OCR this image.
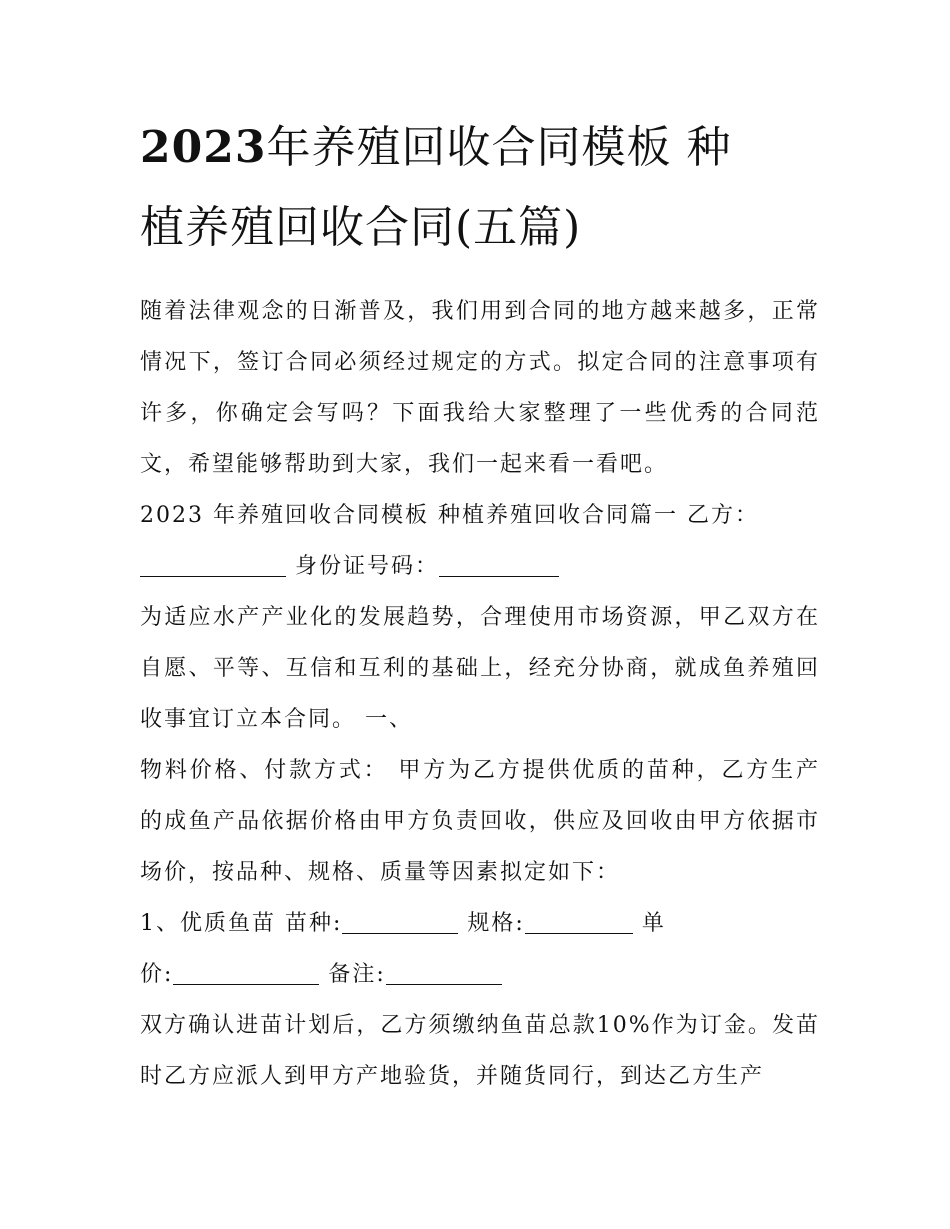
2023年养殖回收合同模板 种
植养殖回收合同(五篇)

随着法律观念的日渐普及，我们用到合同的地方越来越多，正常情况下，签订合同必须经过规定的方式。拟定合同的注意事项有许多，你确定会写吗？下面我给大家整理了一些优秀的合同范文，希望能够帮助到大家，我们一起来看一看吧。

2023 年养殖回收合同模板 种植养殖回收合同篇一 乙方：
身份证号码：

为适应水产产业化的发展趋势，合理使用市场资源，甲乙双方在自愿、平等、互信和互利的基础上，经充分协商，就成鱼养殖回收事宜订立本合同。 一、

物料价格、付款方式： 甲方为乙方提供优质的苗种，乙方生产的成鱼产品依据价格由甲方负责回收，供应及回收由甲方依据市场价，按品种、规格、质量等因素拟定如下：

1、优质鱼苗 苗种:	规格:	单
价:	备注:

双方确认进苗计划后，乙方须缴纳鱼苗总款10%作为订金。发苗时乙方应派人到甲方产地验货，并随货同行，到达乙方生产
